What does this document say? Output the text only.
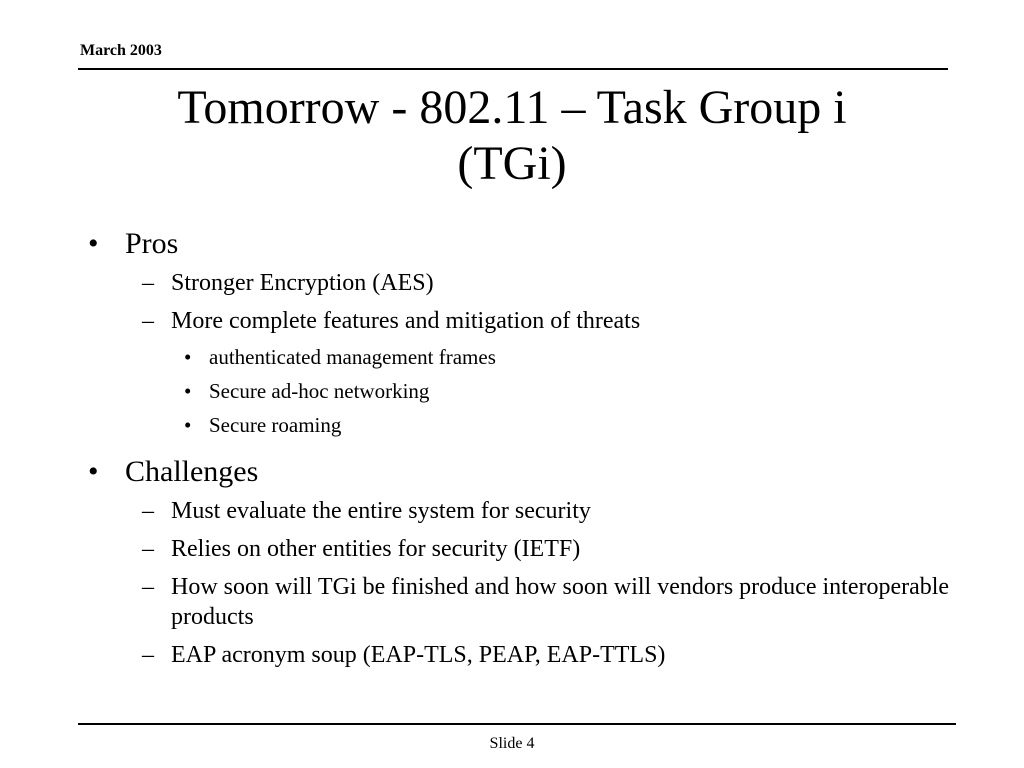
March 2003
Tomorrow - 802.11 – Task Group i
(TGi)
• Pros
– Stronger Encryption (AES)
– More complete features and mitigation of threats
• authenticated management frames
• Secure ad-hoc networking
• Secure roaming
• Challenges
– Must evaluate the entire system for security
– Relies on other entities for security (IETF)
– How soon will TGi be finished and how soon will vendors produce interoperable products
– EAP acronym soup (EAP-TLS, PEAP, EAP-TTLS)
Slide 4
